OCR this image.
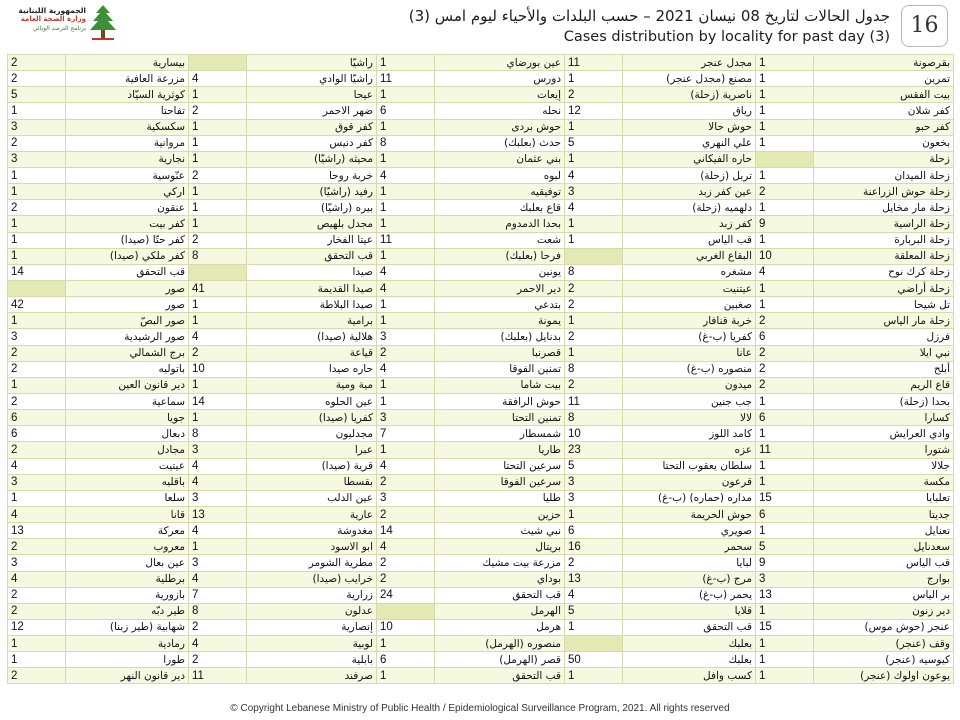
الجمهورية اللبنانية
وزارة الصحة العامة
برنامج الترصد الوبائي
جدول الحالات لتاريخ 08 نيسان 2021 – حسب البلدات والأحياء ليوم امس (3)
Cases distribution by locality for past day (3) 16
2	بيسارية		راشيّا	1	عين بورضاي	11	مجدل عنجر	1	بقرصونة
2	مزرعة العافية	4	راشيّا الوادي	11	دورس	1	مصنع (مجدل عنجر)	1	تمرين
5	كوثرية السيّاد	1	عيحا	1	إيعات	2	ناصرية (زحلة)	1	بيت الفقس
1	تفاحتا	2	ضهر الاحمر	6	نحله	12	رياق	1	كفر شلان
3	سكسكية	1	كفر قوق	1	حوش بردى	1	حوش حالا	1	كفر حبو
2	مروانية	1	كفر دنيس	8	حدث (بعلبك)	5	علي النهري	1	بخعون
3	نجارية	1	محيثه (راشيّا)	1	بني عثمان	1	حاره الفيكاني		زحلة
1	عنّوسية	2	خربة روحا	4	لبوه	4	تربل (زحلة)	1	زحلة الميدان
1	اركي	1	رفيد (راشيّا)	1	توفيقيه	3	عين كفر زبد	2	زحلة حوش الزراعنة
2	عنقون	1	بيره (راشيّا)	1	قاع بعلبك	4	دلهميه (زحلة)	1	زحلة مار مخايل
1	كفر بيت	1	مجدل بلهيص	1	بحدا الدمدوم	1	كفر زبد	9	زحلة الراسية
1	كفر حتّا (صيدا)	2	عيتا الفخار	11	شعت	1	قب الياس	1	زحلة البربارة
1	كفر ملكي (صيدا)	8	قب التحقق	1	فرحا (بعلبك)		البقاع الغربي	10	زحلة المعلقة
14	قب التحقق		صيدا	4	يونين	8	مشغره	4	زحلة كرك نوح
	صور	41	صيدا القديمة	4	دير الاحمر	2	عيتنيت	1	زحلة أراضي
42	صور	1	صيدا البلاطة	1	بتدعي	2	صغبين	1	تل شيحا
1	صور البصّ	1	برامية	1	يمونة	1	خربة قنافار	2	زحلة مار الياس
3	صور الرشيدية	4	هلالية (صيدا)	3	بدنايل (بعلبك)	2	كفريا (ب-غ)	6	فرزل
2	برج الشمالي	2	قياعة	2	قصرنبا	1	عانا	2	نبي ايلا
2	باتوليه	10	حاره صيدا	4	تمنين الفوقا	8	منصوره (ب-غ)	2	أبلح
1	دير قانون العين	1	مية ومية	1	بيت شاما	2	ميدون	2	قاع الريم
2	سماعية	14	عين الحلوه	1	حوش الرافقة	11	جب جنين	1	بحدا (زحلة)
6	جويا	1	كفريا (صيدا)	3	تمنين التحتا	8	لالا	6	كسارا
6	دبعال	8	مجدليون	7	شمسطار	10	كامد اللوز	1	وادي العرايش
2	مجادل	3	عبرا	1	طاريا	23	عزه	11	شتورا
4	عيتيت	4	قرية (صيدا)	4	سرعين التحتا	5	سلطان يعقوب التحتا	1	جلالا
3	باقليه	4	بقسطا	2	سرعين الفوقا	3	قرعون	1	مكسة
1	سلعا	3	عين الدلب	3	طليا	3	مداره (حماره) (ب-غ)	15	تعلبايا
4	قانا	13	عارية	2	حزين	1	حوش الحريمة	6	جديتا
13	معركة	4	مغدوشة	14	نبي شيث	6	صويري	1	تعنايل
2	معروب	1	ابو الاسود	4	بريتال	16	سحمر	5	سعدنايل
3	عين بعال	3	مطرية الشومر	2	مزرعة بيت مشيك	2	لبايا	9	قب الياس
4	برطلية	4	خرايب (صيدا)	2	بوداي	13	مرج (ب-غ)	3	بوارج
2	بازورية	7	زرارية	24	قب التحقق	4	يحمر (ب-غ)	13	بر الياس
2	طير دبّه	8	عدلون		الهرمل	5	قلايا	1	دير زنون
12	شهابية (طير زبنا)	2	إنصارية	10	هرمل	1	قب التحقق	15	عنجر (حوش موس)
1	رمادية	4	لوبية	1	منصوره (الهرمل)		بعلبك	1	وقف (عنجر)
1	طورا	2	بابلية	6	قصر (الهرمل)	50	بعلبك	1	كيوسيه (عنجر)
2	دير قانون النهر	11	صرفند	1	قب التحقق	1	كسب وافل	1	يوعون اولوك (عنجر)
© Copyright Lebanese Ministry of Public Health / Epidemiological Surveillance Program, 2021. All rights reserved
